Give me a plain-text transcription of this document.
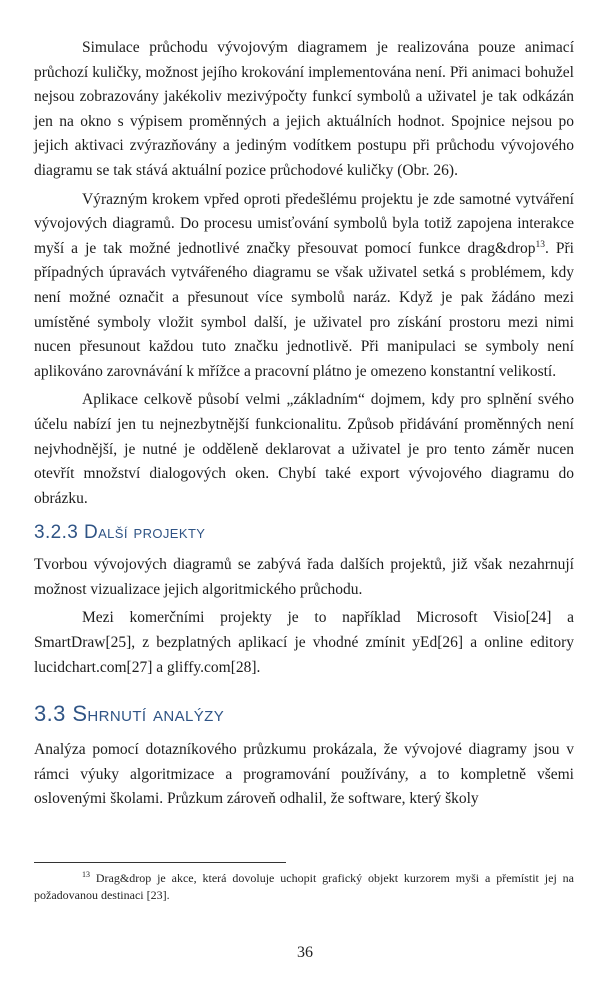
Simulace průchodu vývojovým diagramem je realizována pouze animací průchozí kuličky, možnost jejího krokování implementována není. Při animaci bohužel nejsou zobrazovány jakékoliv mezivýpočty funkcí symbolů a uživatel je tak odkázán jen na okno s výpisem proměnných a jejich aktuálních hodnot. Spojnice nejsou po jejich aktivaci zvýrazňovány a jediným vodítkem postupu při průchodu vývojového diagramu se tak stává aktuální pozice průchodové kuličky (Obr. 26).

Výrazným krokem vpřed oproti předešlému projektu je zde samotné vytváření vývojových diagramů. Do procesu umisťování symbolů byla totiž zapojena interakce myší a je tak možné jednotlivé značky přesouvat pomocí funkce drag&drop$^{13}$. Při případných úpravách vytvářeného diagramu se však uživatel setká s problémem, kdy není možné označit a přesunout více symbolů naráz. Když je pak žádáno mezi umístěné symboly vložit symbol další, je uživatel pro získání prostoru mezi nimi nucen přesunout každou tuto značku jednotlivě. Při manipulaci se symboly není aplikováno zarovnávání k mřížce a pracovní plátno je omezeno konstantní velikostí.

Aplikace celkově působí velmi „základním“ dojmem, kdy pro splnění svého účelu nabízí jen tu nejnezbytnější funkcionalitu. Způsob přidávání proměnných není nejvhodnější, je nutné je odděleně deklarovat a uživatel je pro tento záměr nucen otevřít množství dialogových oken. Chybí také export vývojového diagramu do obrázku.

3.2.3 Další projekty

Tvorbou vývojových diagramů se zabývá řada dalších projektů, již však nezahrnují možnost vizualizace jejich algoritmického průchodu.

Mezi komerčními projekty je to například Microsoft Visio[24] a SmartDraw[25], z bezplatných aplikací je vhodné zmínit yEd[26] a online editory lucidchart.com[27] a gliffy.com[28].

3.3 Shrnutí analýzy

Analýza pomocí dotazníkového průzkumu prokázala, že vývojové diagramy jsou v rámci výuky algoritmizace a programování používány, a to kompletně všemi oslovenými školami. Průzkum zároveň odhalil, že software, který školy

$^{13}$ Drag&drop je akce, která dovoluje uchopit grafický objekt kurzorem myši a přemístit jej na požadovanou destinaci [23].
36
